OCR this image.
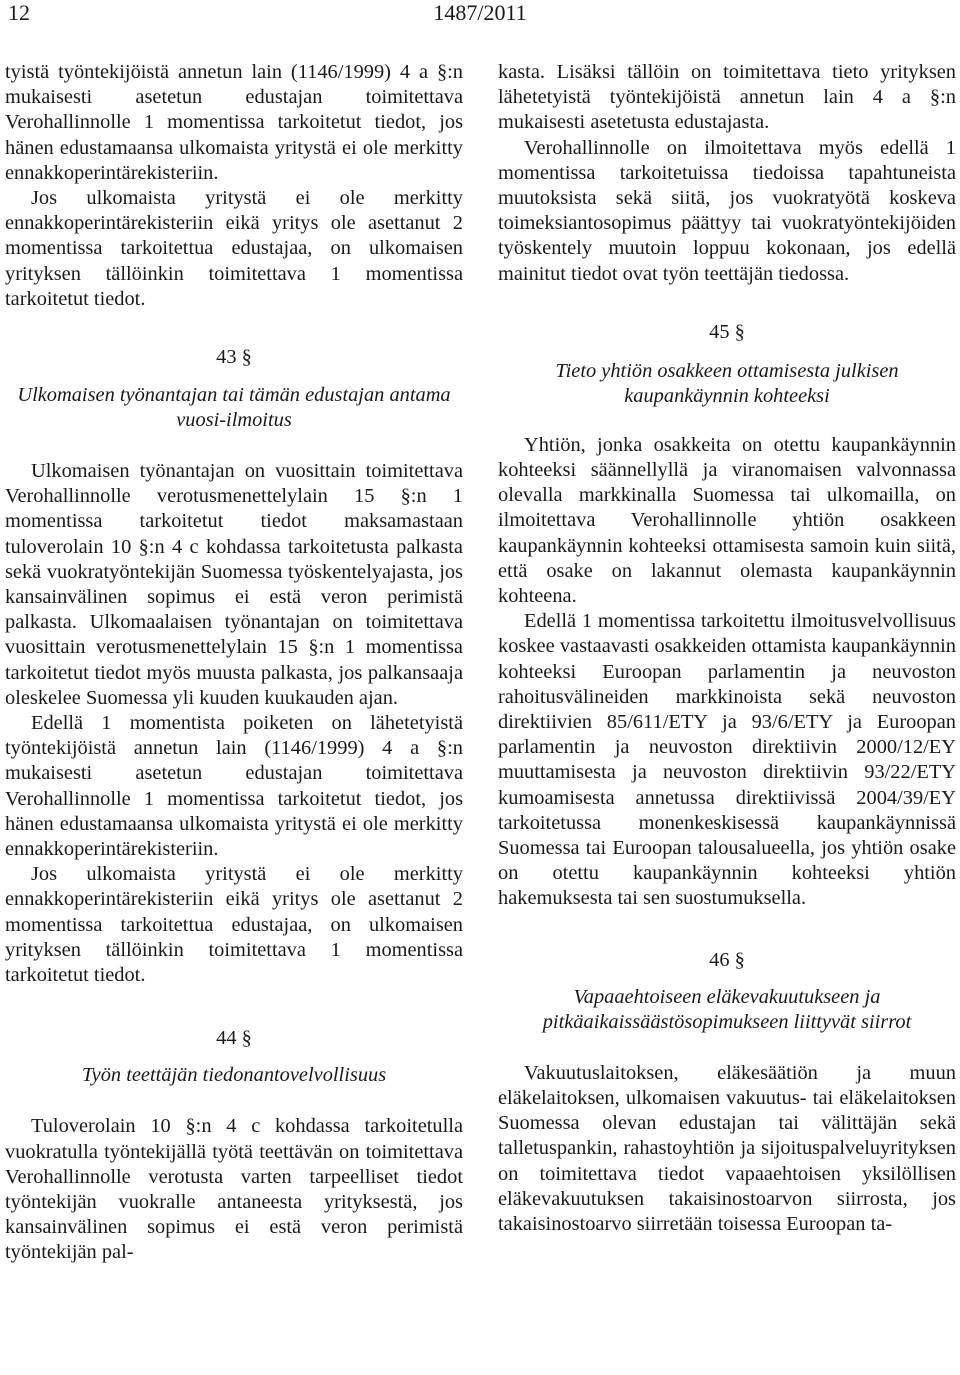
12	1487/2011

tyistä työntekijöistä annetun lain (1146/1999) 4 a §:n mukaisesti asetetun edustajan toimitettava Verohallinnolle 1 momentissa tarkoitetut tiedot, jos hänen edustamaansa ulkomaista yritystä ei ole merkitty ennakkoperintärekisteriin.

Jos ulkomaista yritystä ei ole merkitty ennakkoperintärekisteriin eikä yritys ole asettanut 2 momentissa tarkoitettua edustajaa, on ulkomaisen yrityksen tällöinkin toimitettava 1 momentissa tarkoitetut tiedot.

43 §

Ulkomaisen työnantajan tai tämän edustajan antama vuosi-ilmoitus

Ulkomaisen työnantajan on vuosittain toimitettava Verohallinnolle verotusmenettelylain 15 §:n 1 momentissa tarkoitetut tiedot maksamastaan tuloverolain 10 §:n 4 c kohdassa tarkoitetusta palkasta sekä vuokratyöntekijän Suomessa työskentelyajasta, jos kansainvälinen sopimus ei estä veron perimistä palkasta. Ulkomaalaisen työnantajan on toimitettava vuosittain verotusmenettelylain 15 §:n 1 momentissa tarkoitetut tiedot myös muusta palkasta, jos palkansaaja oleskelee Suomessa yli kuuden kuukauden ajan.

Edellä 1 momentista poiketen on lähetetyistä työntekijöistä annetun lain (1146/1999) 4 a §:n mukaisesti asetetun edustajan toimitettava Verohallinnolle 1 momentissa tarkoitetut tiedot, jos hänen edustamaansa ulkomaista yritystä ei ole merkitty ennakkoperintärekisteriin.

Jos ulkomaista yritystä ei ole merkitty ennakkoperintärekisteriin eikä yritys ole asettanut 2 momentissa tarkoitettua edustajaa, on ulkomaisen yrityksen tällöinkin toimitettava 1 momentissa tarkoitetut tiedot.

44 §

Työn teettäjän tiedonantovelvollisuus

Tuloverolain 10 §:n 4 c kohdassa tarkoitetulla vuokratulla työntekijällä työtä teettävän on toimitettava Verohallinnolle verotusta varten tarpeelliset tiedot työntekijän vuokralle antaneesta yrityksestä, jos kansainvälinen sopimus ei estä veron perimistä työntekijän pal-

kasta. Lisäksi tällöin on toimitettava tieto yrityksen lähetetyistä työntekijöistä annetun lain 4 a §:n mukaisesti asetetusta edustajasta.

Verohallinnolle on ilmoitettava myös edellä 1 momentissa tarkoitetuissa tiedoissa tapahtuneista muutoksista sekä siitä, jos vuokratyötä koskeva toimeksiantosopimus päättyy tai vuokratyöntekijöiden työskentely muutoin loppuu kokonaan, jos edellä mainitut tiedot ovat työn teettäjän tiedossa.

45 §

Tieto yhtiön osakkeen ottamisesta julkisen kaupankäynnin kohteeksi

Yhtiön, jonka osakkeita on otettu kaupankäynnin kohteeksi säännellyllä ja viranomaisen valvonnassa olevalla markkinalla Suomessa tai ulkomailla, on ilmoitettava Verohallinnolle yhtiön osakkeen kaupankäynnin kohteeksi ottamisesta samoin kuin siitä, että osake on lakannut olemasta kaupankäynnin kohteena.

Edellä 1 momentissa tarkoitettu ilmoitusvelvollisuus koskee vastaavasti osakkeiden ottamista kaupankäynnin kohteeksi Euroopan parlamentin ja neuvoston rahoitusvälineiden markkinoista sekä neuvoston direktiivien 85/611/ETY ja 93/6/ETY ja Euroopan parlamentin ja neuvoston direktiivin 2000/12/EY muuttamisesta ja neuvoston direktiivin 93/22/ETY kumoamisesta annetussa direktiivissä 2004/39/EY tarkoitetussa monenkeskisessä kaupankäynnissä Suomessa tai Euroopan talousalueella, jos yhtiön osake on otettu kaupankäynnin kohteeksi yhtiön hakemuksesta tai sen suostumuksella.

46 §

Vapaaehtoiseen eläkevakuutukseen ja pitkäaikaissäästösopimukseen liittyvät siirrot

Vakuutuslaitoksen, eläkesäätiön ja muun eläkelaitoksen, ulkomaisen vakuutus- tai eläkelaitoksen Suomessa olevan edustajan tai välittäjän sekä talletuspankin, rahastoyhtiön ja sijoituspalveluyrityksen on toimitettava tiedot vapaaehtoisen yksilöllisen eläkevakuutuksen takaisinostoarvon siirrosta, jos takaisinostoarvo siirretään toisessa Euroopan ta-
